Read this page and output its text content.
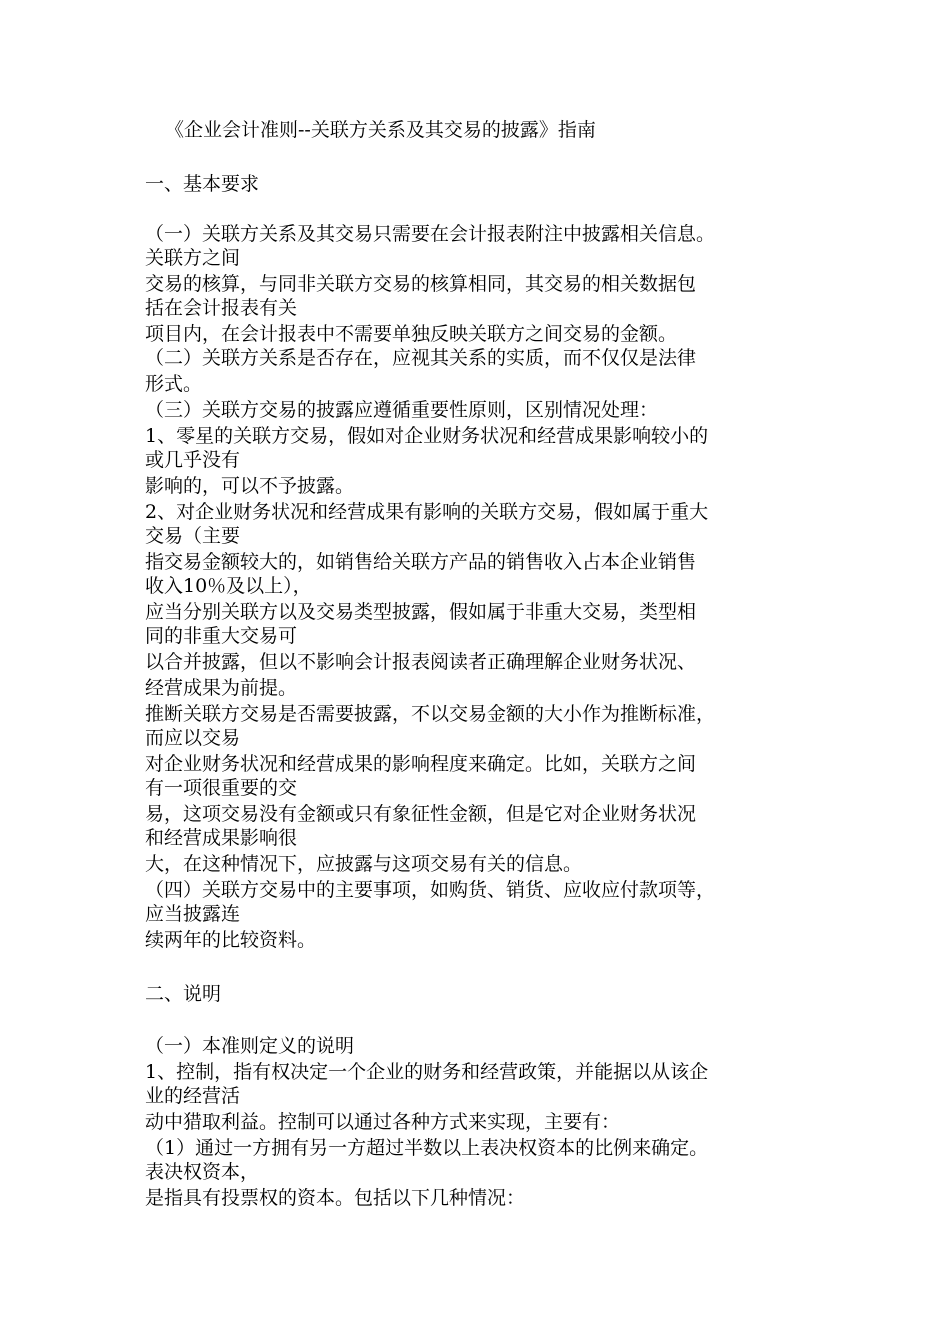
《企业会计准则--关联方关系及其交易的披露》指南
一、基本要求
（一）关联方关系及其交易只需要在会计报表附注中披露相关信息。
关联方之间
交易的核算，与同非关联方交易的核算相同，其交易的相关数据包
括在会计报表有关
项目内，在会计报表中不需要单独反映关联方之间交易的金额。
（二）关联方关系是否存在，应视其关系的实质，而不仅仅是法律
形式。
（三）关联方交易的披露应遵循重要性原则，区别情况处理：
1、零星的关联方交易，假如对企业财务状况和经营成果影响较小的
或几乎没有
影响的，可以不予披露。
2、对企业财务状况和经营成果有影响的关联方交易，假如属于重大
交易（主要
指交易金额较大的，如销售给关联方产品的销售收入占本企业销售
收入10％及以上），
应当分别关联方以及交易类型披露，假如属于非重大交易，类型相
同的非重大交易可
以合并披露，但以不影响会计报表阅读者正确理解企业财务状况、
经营成果为前提。
推断关联方交易是否需要披露，不以交易金额的大小作为推断标准，
而应以交易
对企业财务状况和经营成果的影响程度来确定。比如，关联方之间
有一项很重要的交
易，这项交易没有金额或只有象征性金额，但是它对企业财务状况
和经营成果影响很
大，在这种情况下，应披露与这项交易有关的信息。
（四）关联方交易中的主要事项，如购货、销货、应收应付款项等，
应当披露连
续两年的比较资料。
二、说明
（一）本准则定义的说明
1、控制，指有权决定一个企业的财务和经营政策，并能据以从该企
业的经营活
动中猎取利益。控制可以通过各种方式来实现，主要有：
（1）通过一方拥有另一方超过半数以上表决权资本的比例来确定。
表决权资本，
是指具有投票权的资本。包括以下几种情况：
